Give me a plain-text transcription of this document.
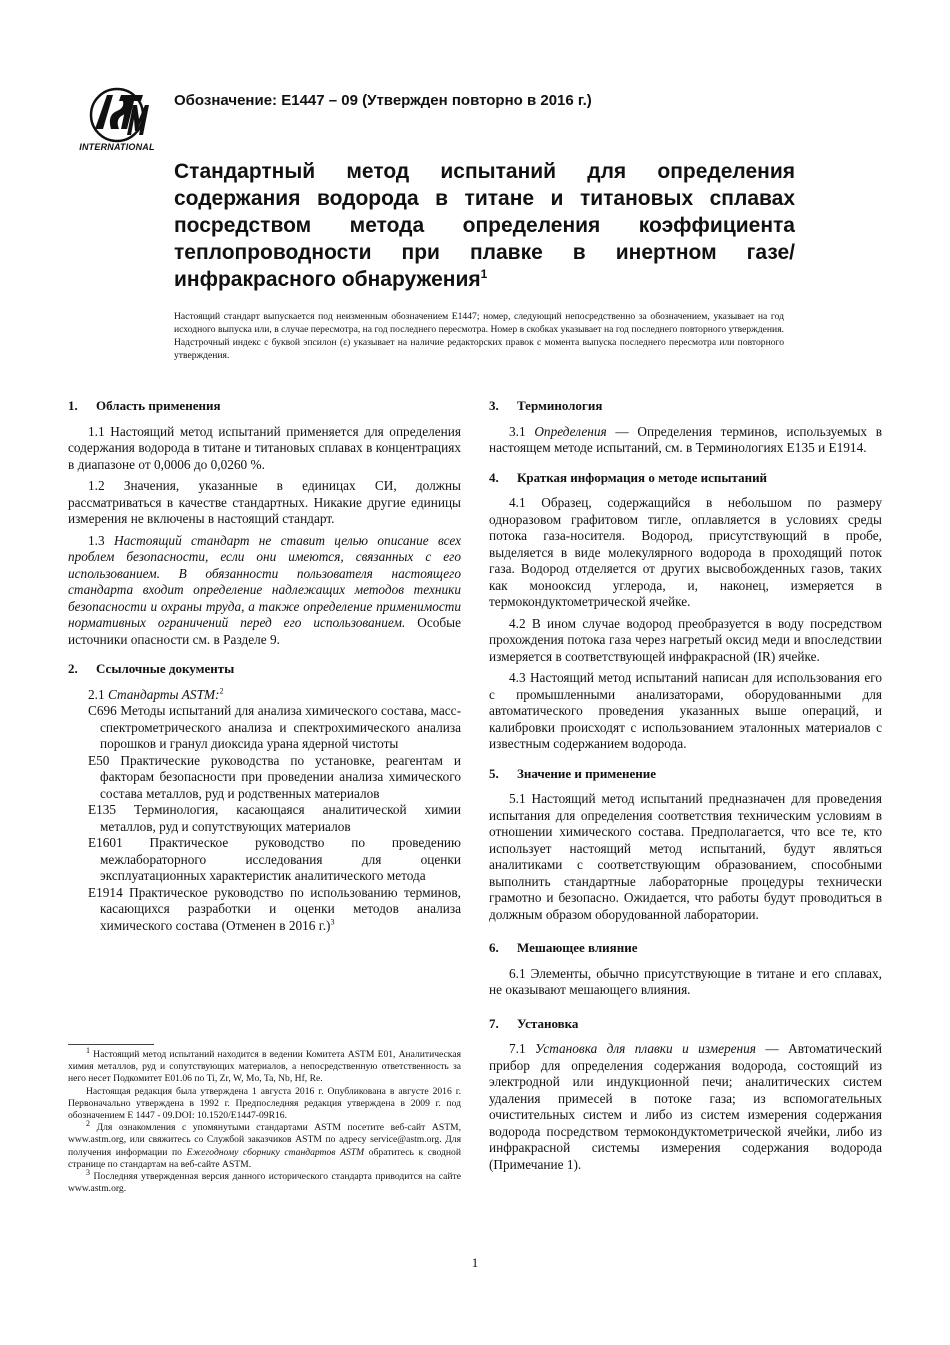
INTERNATIONAL
Обозначение: E1447 – 09 (Утвержден повторно в 2016 г.)
Стандартный метод испытаний для определения содержания водорода в титане и титановых сплавах посредством метода определения коэффициента теплопроводности при плавке в инертном газе/инфракрасного обнаружения$^1$
Настоящий стандарт выпускается под неизменным обозначением E1447; номер, следующий непосредственно за обозначением, указывает на год исходного выпуска или, в случае пересмотра, на год последнего пересмотра. Номер в скобках указывает на год последнего повторного утверждения. Надстрочный индекс с буквой эпсилон (ε) указывает на наличие редакторских правок с момента выпуска последнего пересмотра или повторного утверждения.
1. Область применения

1.1 Настоящий метод испытаний применяется для определения содержания водорода в титане и титановых сплавах в концентрациях в диапазоне от 0,0006 до 0,0260 %.

1.2 Значения, указанные в единицах СИ, должны рассматриваться в качестве стандартных. Никакие другие единицы измерения не включены в настоящий стандарт.

1.3 Настоящий стандарт не ставит целью описание всех проблем безопасности, если они имеются, связанных с его использованием. В обязанности пользователя настоящего стандарта входит определение надлежащих методов техники безопасности и охраны труда, а также определение применимости нормативных ограничений перед его использованием. Особые источники опасности см. в Разделе 9.

2. Ссылочные документы
2.1 Стандарты ASTM:$^2$
C696 Методы испытаний для анализа химического состава, масс-спектрометрического анализа и спектрохимического анализа порошков и гранул диоксида урана ядерной чистоты
E50 Практические руководства по установке, реагентам и факторам безопасности при проведении анализа химического состава металлов, руд и родственных материалов
E135 Терминология, касающаяся аналитической химии металлов, руд и сопутствующих материалов
E1601 Практическое руководство по проведению межлабораторного исследования для оценки эксплуатационных характеристик аналитического метода
E1914 Практическое руководство по использованию терминов, касающихся разработки и оценки методов анализа химического состава (Отменен в 2016 г.)$^3$
3. Терминология

3.1 Определения — Определения терминов, используемых в настоящем методе испытаний, см. в Терминологиях E135 и E1914.

4. Краткая информация о методе испытаний

4.1 Образец, содержащийся в небольшом по размеру одноразовом графитовом тигле, оплавляется в условиях среды потока газа-носителя. Водород, присутствующий в пробе, выделяется в виде молекулярного водорода в проходящий поток газа. Водород отделяется от других высвобожденных газов, таких как монооксид углерода, и, наконец, измеряется в термокондуктометрической ячейке.

4.2 В ином случае водород преобразуется в воду посредством прохождения потока газа через нагретый оксид меди и впоследствии измеряется в соответствующей инфракрасной (IR) ячейке.

4.3 Настоящий метод испытаний написан для использования его с промышленными анализаторами, оборудованными для автоматического проведения указанных выше операций, и калибровки происходят с использованием эталонных материалов с известным содержанием водорода.

5. Значение и применение

5.1 Настоящий метод испытаний предназначен для проведения испытания для определения соответствия техническим условиям в отношении химического состава. Предполагается, что все те, кто использует настоящий метод испытаний, будут являться аналитиками с соответствующим образованием, способными выполнить стандартные лабораторные процедуры технически грамотно и безопасно. Ожидается, что работы будут проводиться в должным образом оборудованной лаборатории.

6. Мешающее влияние

6.1 Элементы, обычно присутствующие в титане и его сплавах, не оказывают мешающего влияния.

7. Установка

7.1 Установка для плавки и измерения — Автоматический прибор для определения содержания водорода, состоящий из электродной или индукционной печи; аналитических систем удаления примесей в потоке газа; из вспомогательных очистительных систем и либо из систем измерения содержания водорода посредством термокондуктометрической ячейки, либо из инфракрасной системы измерения содержания водорода (Примечание 1).

$^1$ Настоящий метод испытаний находится в ведении Комитета ASTM E01, Аналитическая химия металлов, руд и сопутствующих материалов, а непосредственную ответственность за него несет Подкомитет E01.06 по Ti, Zr, W, Mo, Ta, Nb, Hf, Re.

Настоящая редакция была утверждена 1 августа 2016 г. Опубликована в августе 2016 г. Первоначально утверждена в 1992 г. Предпоследняя редакция утверждена в 2009 г. под обозначением E 1447 - 09.DOI: 10.1520/E1447-09R16.

$^2$ Для ознакомления с упомянутыми стандартами ASTM посетите веб-сайт ASTM, www.astm.org, или свяжитесь со Службой заказчиков ASTM по адресу service@astm.org. Для получения информации по Ежегодному сборнику стандартов ASTM обратитесь к сводной странице по стандартам на веб-сайте ASTM.

$^3$ Последняя утвержденная версия данного исторического стандарта приводится на сайте www.astm.org.

1
